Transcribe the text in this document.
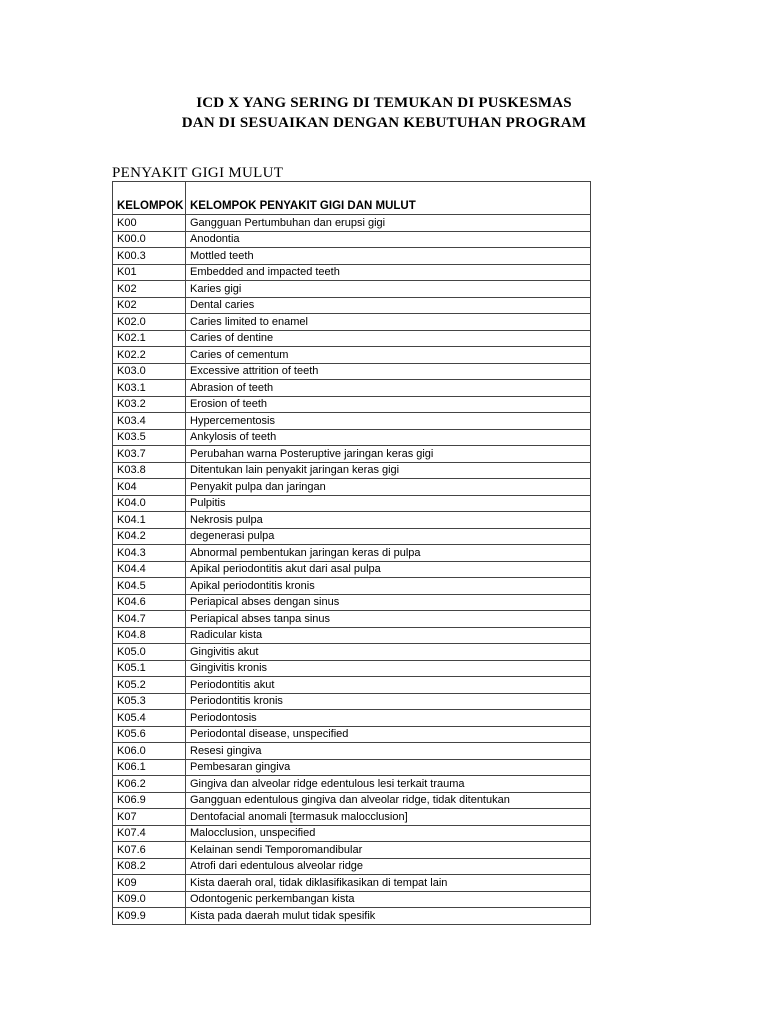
ICD X YANG SERING DI TEMUKAN DI PUSKESMAS
DAN DI SESUAIKAN DENGAN KEBUTUHAN PROGRAM
PENYAKIT GIGI MULUT
KELOMPOK	KELOMPOK PENYAKIT GIGI DAN MULUT
K00	Gangguan Pertumbuhan dan erupsi gigi
K00.0	Anodontia
K00.3	Mottled teeth
K01	Embedded and impacted teeth
K02	Karies gigi
K02	Dental caries
K02.0	Caries limited to enamel
K02.1	Caries of dentine
K02.2	Caries of cementum
K03.0	Excessive attrition of teeth
K03.1	Abrasion of teeth
K03.2	Erosion of teeth
K03.4	Hypercementosis
K03.5	Ankylosis of teeth
K03.7	Perubahan warna Posteruptive jaringan keras gigi
K03.8	Ditentukan lain penyakit jaringan keras gigi
K04	Penyakit pulpa dan jaringan
K04.0	Pulpitis
K04.1	Nekrosis pulpa
K04.2	degenerasi pulpa
K04.3	Abnormal pembentukan jaringan keras di pulpa
K04.4	Apikal periodontitis akut dari asal pulpa
K04.5	Apikal periodontitis kronis
K04.6	Periapical abses dengan sinus
K04.7	Periapical abses tanpa sinus
K04.8	Radicular kista
K05.0	Gingivitis akut
K05.1	Gingivitis kronis
K05.2	Periodontitis akut
K05.3	Periodontitis kronis
K05.4	Periodontosis
K05.6	Periodontal disease, unspecified
K06.0	Resesi gingiva
K06.1	Pembesaran gingiva
K06.2	Gingiva dan alveolar ridge edentulous lesi terkait trauma
K06.9	Gangguan edentulous gingiva dan alveolar ridge, tidak ditentukan
K07	Dentofacial anomali [termasuk malocclusion]
K07.4	Malocclusion, unspecified
K07.6	Kelainan sendi Temporomandibular
K08.2	Atrofi dari edentulous alveolar ridge
K09	Kista daerah oral, tidak diklasifikasikan di tempat lain
K09.0	Odontogenic perkembangan kista
K09.9	Kista pada daerah mulut tidak spesifik
